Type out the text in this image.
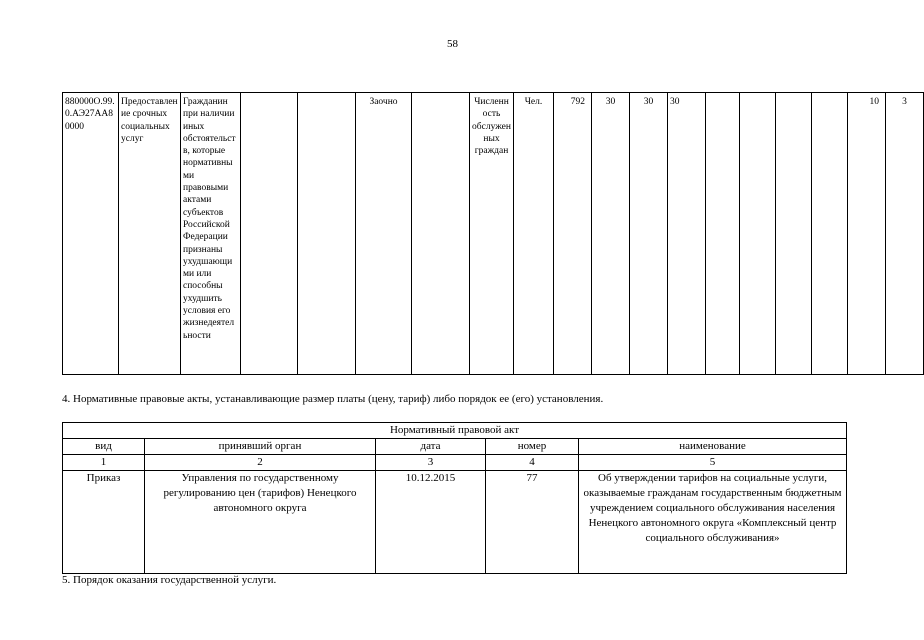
58
880000О.99.0.АЭ27АА80000	Предоставление срочных социальных услуг	Гражданин при наличии иных обстоятельств, которые нормативными правовыми актами субъектов Российской Федерации признаны ухудшающими или способны ухудшить условия его жизнедеятельности			Заочно		Численность обслуженных граждан	Чел.	792	30	30	30					10	3
4. Нормативные правовые акты, устанавливающие размер платы (цену, тариф) либо порядок ее (его) установления.
Нормативный правовой акт				
вид	принявший орган	дата	номер	наименование
1	2	3	4	5
Приказ	Управления по государственному регулированию цен (тарифов) Ненецкого автономного округа	10.12.2015	77	Об утверждении тарифов на социальные услуги, оказываемые гражданам государственным бюджетным учреждением социального обслуживания населения Ненецкого автономного округа «Комплексный центр социального обслуживания»
5. Порядок оказания государственной услуги.
